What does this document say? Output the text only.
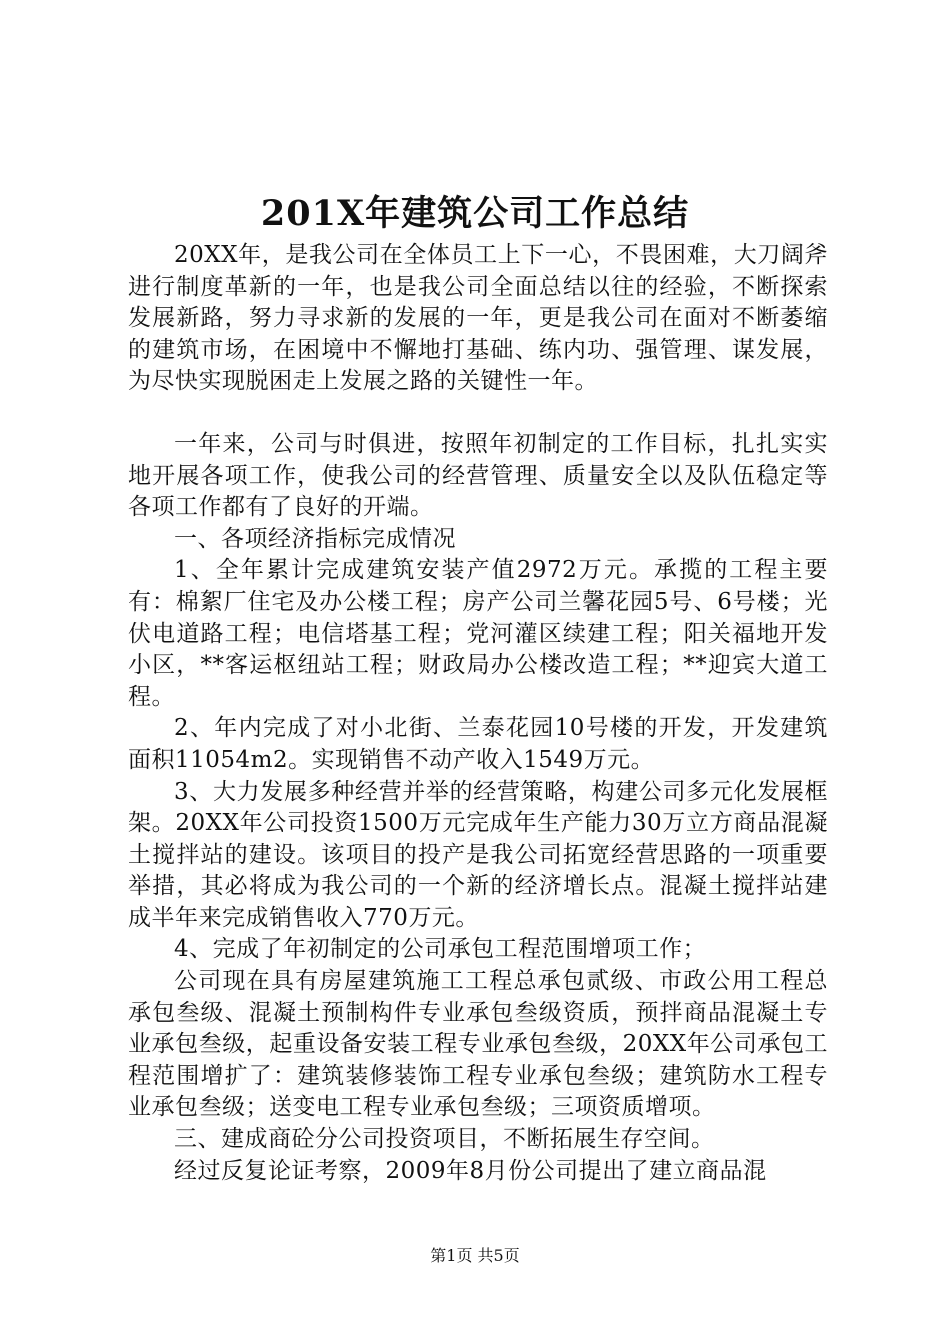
201X年建筑公司工作总结

20XX年，是我公司在全体员工上下一心，不畏困难，大刀阔斧进行制度革新的一年，也是我公司全面总结以往的经验，不断探索发展新路，努力寻求新的发展的一年，更是我公司在面对不断萎缩的建筑市场，在困境中不懈地打基础、练内功、强管理、谋发展，为尽快实现脱困走上发展之路的关键性一年。

一年来，公司与时俱进，按照年初制定的工作目标，扎扎实实地开展各项工作，使我公司的经营管理、质量安全以及队伍稳定等各项工作都有了良好的开端。

一、各项经济指标完成情况

1、全年累计完成建筑安装产值2972万元。承揽的工程主要有：棉絮厂住宅及办公楼工程；房产公司兰馨花园5号、6号楼；光伏电道路工程；电信塔基工程；党河灌区续建工程；阳关福地开发小区，**客运枢纽站工程；财政局办公楼改造工程；**迎宾大道工程。

2、年内完成了对小北街、兰泰花园10号楼的开发，开发建筑面积11054m2。实现销售不动产收入1549万元。

3、大力发展多种经营并举的经营策略，构建公司多元化发展框架。20XX年公司投资1500万元完成年生产能力30万立方商品混凝土搅拌站的建设。该项目的投产是我公司拓宽经营思路的一项重要举措，其必将成为我公司的一个新的经济增长点。混凝土搅拌站建成半年来完成销售收入770万元。

4、完成了年初制定的公司承包工程范围增项工作；

公司现在具有房屋建筑施工工程总承包贰级、市政公用工程总承包叁级、混凝土预制构件专业承包叁级资质，预拌商品混凝土专业承包叁级，起重设备安装工程专业承包叁级，20XX年公司承包工程范围增扩了：建筑装修装饰工程专业承包叁级；建筑防水工程专业承包叁级；送变电工程专业承包叁级；三项资质增项。

三、建成商砼分公司投资项目，不断拓展生存空间。

经过反复论证考察，2009年8月份公司提出了建立商品混

第1页 共5页
